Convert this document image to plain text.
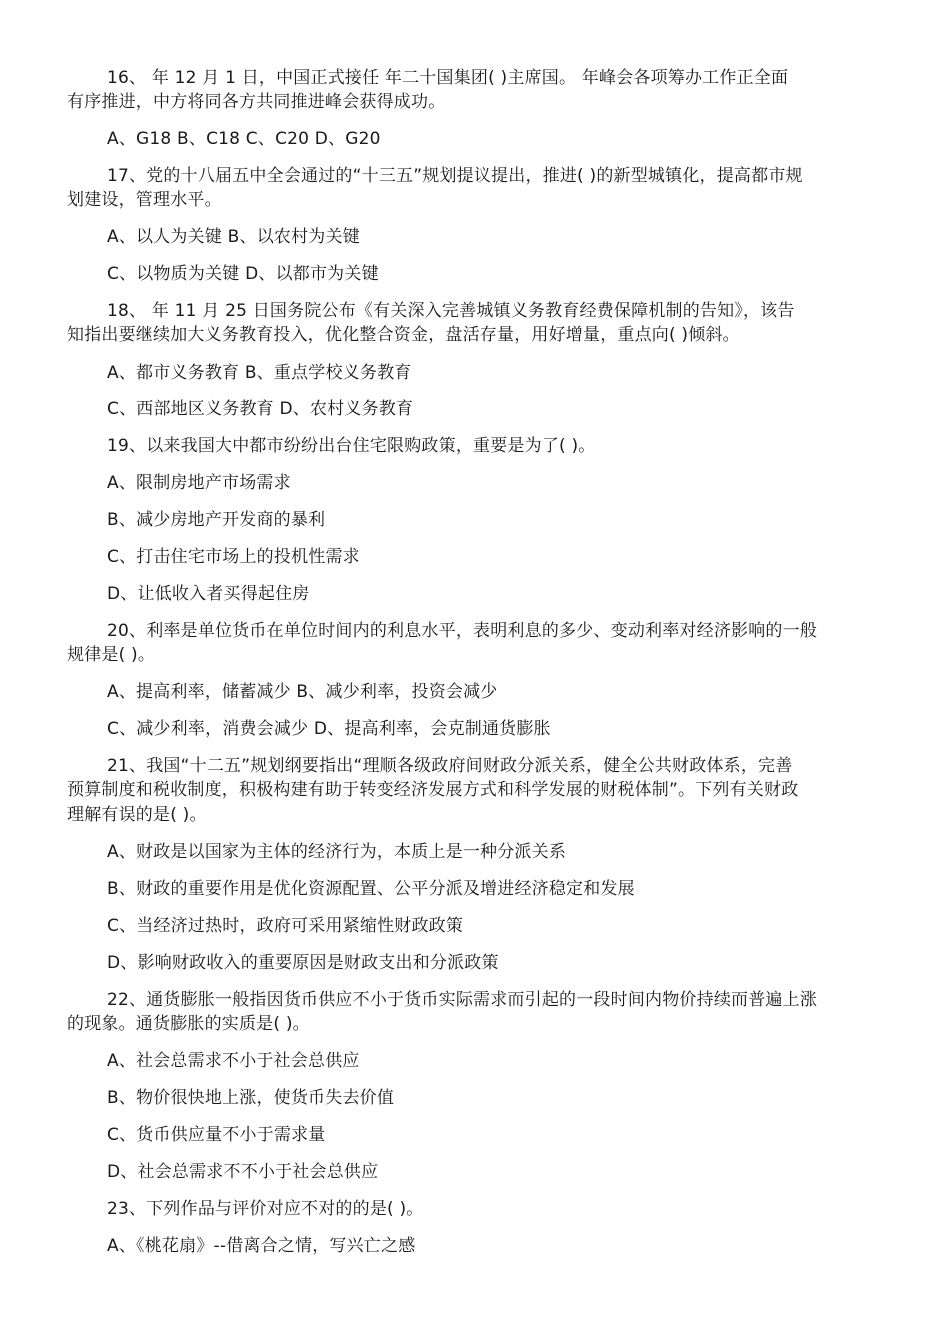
16、 年 12 月 1 日，中国正式接任 年二十国集团( )主席国。 年峰会各项筹办工作正全面
有序推进，中方将同各方共同推进峰会获得成功。
A、G18 B、C18 C、C20 D、G20
17、党的十八届五中全会通过的“十三五”规划提议提出，推进( )的新型城镇化，提高都市规
划建设，管理水平。
A、以人为关键 B、以农村为关键
C、以物质为关键 D、以都市为关键
18、 年 11 月 25 日国务院公布《有关深入完善城镇义务教育经费保障机制的告知》，该告
知指出要继续加大义务教育投入，优化整合资金，盘活存量，用好增量，重点向( )倾斜。
A、都市义务教育 B、重点学校义务教育
C、西部地区义务教育 D、农村义务教育
19、以来我国大中都市纷纷出台住宅限购政策，重要是为了( )。
A、限制房地产市场需求
B、减少房地产开发商的暴利
C、打击住宅市场上的投机性需求
D、让低收入者买得起住房
20、利率是单位货币在单位时间内的利息水平，表明利息的多少、变动利率对经济影响的一般
规律是( )。
A、提高利率，储蓄减少 B、减少利率，投资会减少
C、减少利率，消费会减少 D、提高利率，会克制通货膨胀
21、我国“十二五”规划纲要指出“理顺各级政府间财政分派关系，健全公共财政体系，完善
预算制度和税收制度，积极构建有助于转变经济发展方式和科学发展的财税体制”。下列有关财政
理解有误的是( )。
A、财政是以国家为主体的经济行为，本质上是一种分派关系
B、财政的重要作用是优化资源配置、公平分派及增进经济稳定和发展
C、当经济过热时，政府可采用紧缩性财政政策
D、影响财政收入的重要原因是财政支出和分派政策
22、通货膨胀一般指因货币供应不小于货币实际需求而引起的一段时间内物价持续而普遍上涨
的现象。通货膨胀的实质是( )。
A、社会总需求不小于社会总供应
B、物价很快地上涨，使货币失去价值
C、货币供应量不小于需求量
D、社会总需求不不小于社会总供应
23、下列作品与评价对应不对的的是( )。
A、《桃花扇》--借离合之情，写兴亡之感
